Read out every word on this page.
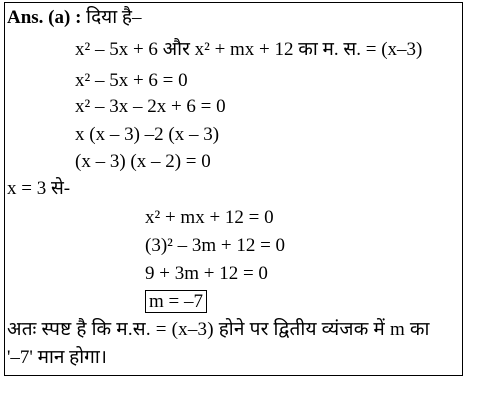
Ans. (a) : दिया है–
x² – 5x + 6 और x² + mx + 12 का म. स. = (x–3)
x² – 5x + 6 = 0
x² – 3x – 2x + 6 = 0
x (x – 3) –2 (x – 3)
(x – 3) (x – 2) = 0
x = 3 से-
x² + mx + 12 = 0
(3)² – 3m + 12 = 0
9 + 3m + 12 = 0
m = –7
अतः स्पष्ट है कि म.स. = (x–3) होने पर द्वितीय व्यंजक में m का
'–7' मान होगा।
